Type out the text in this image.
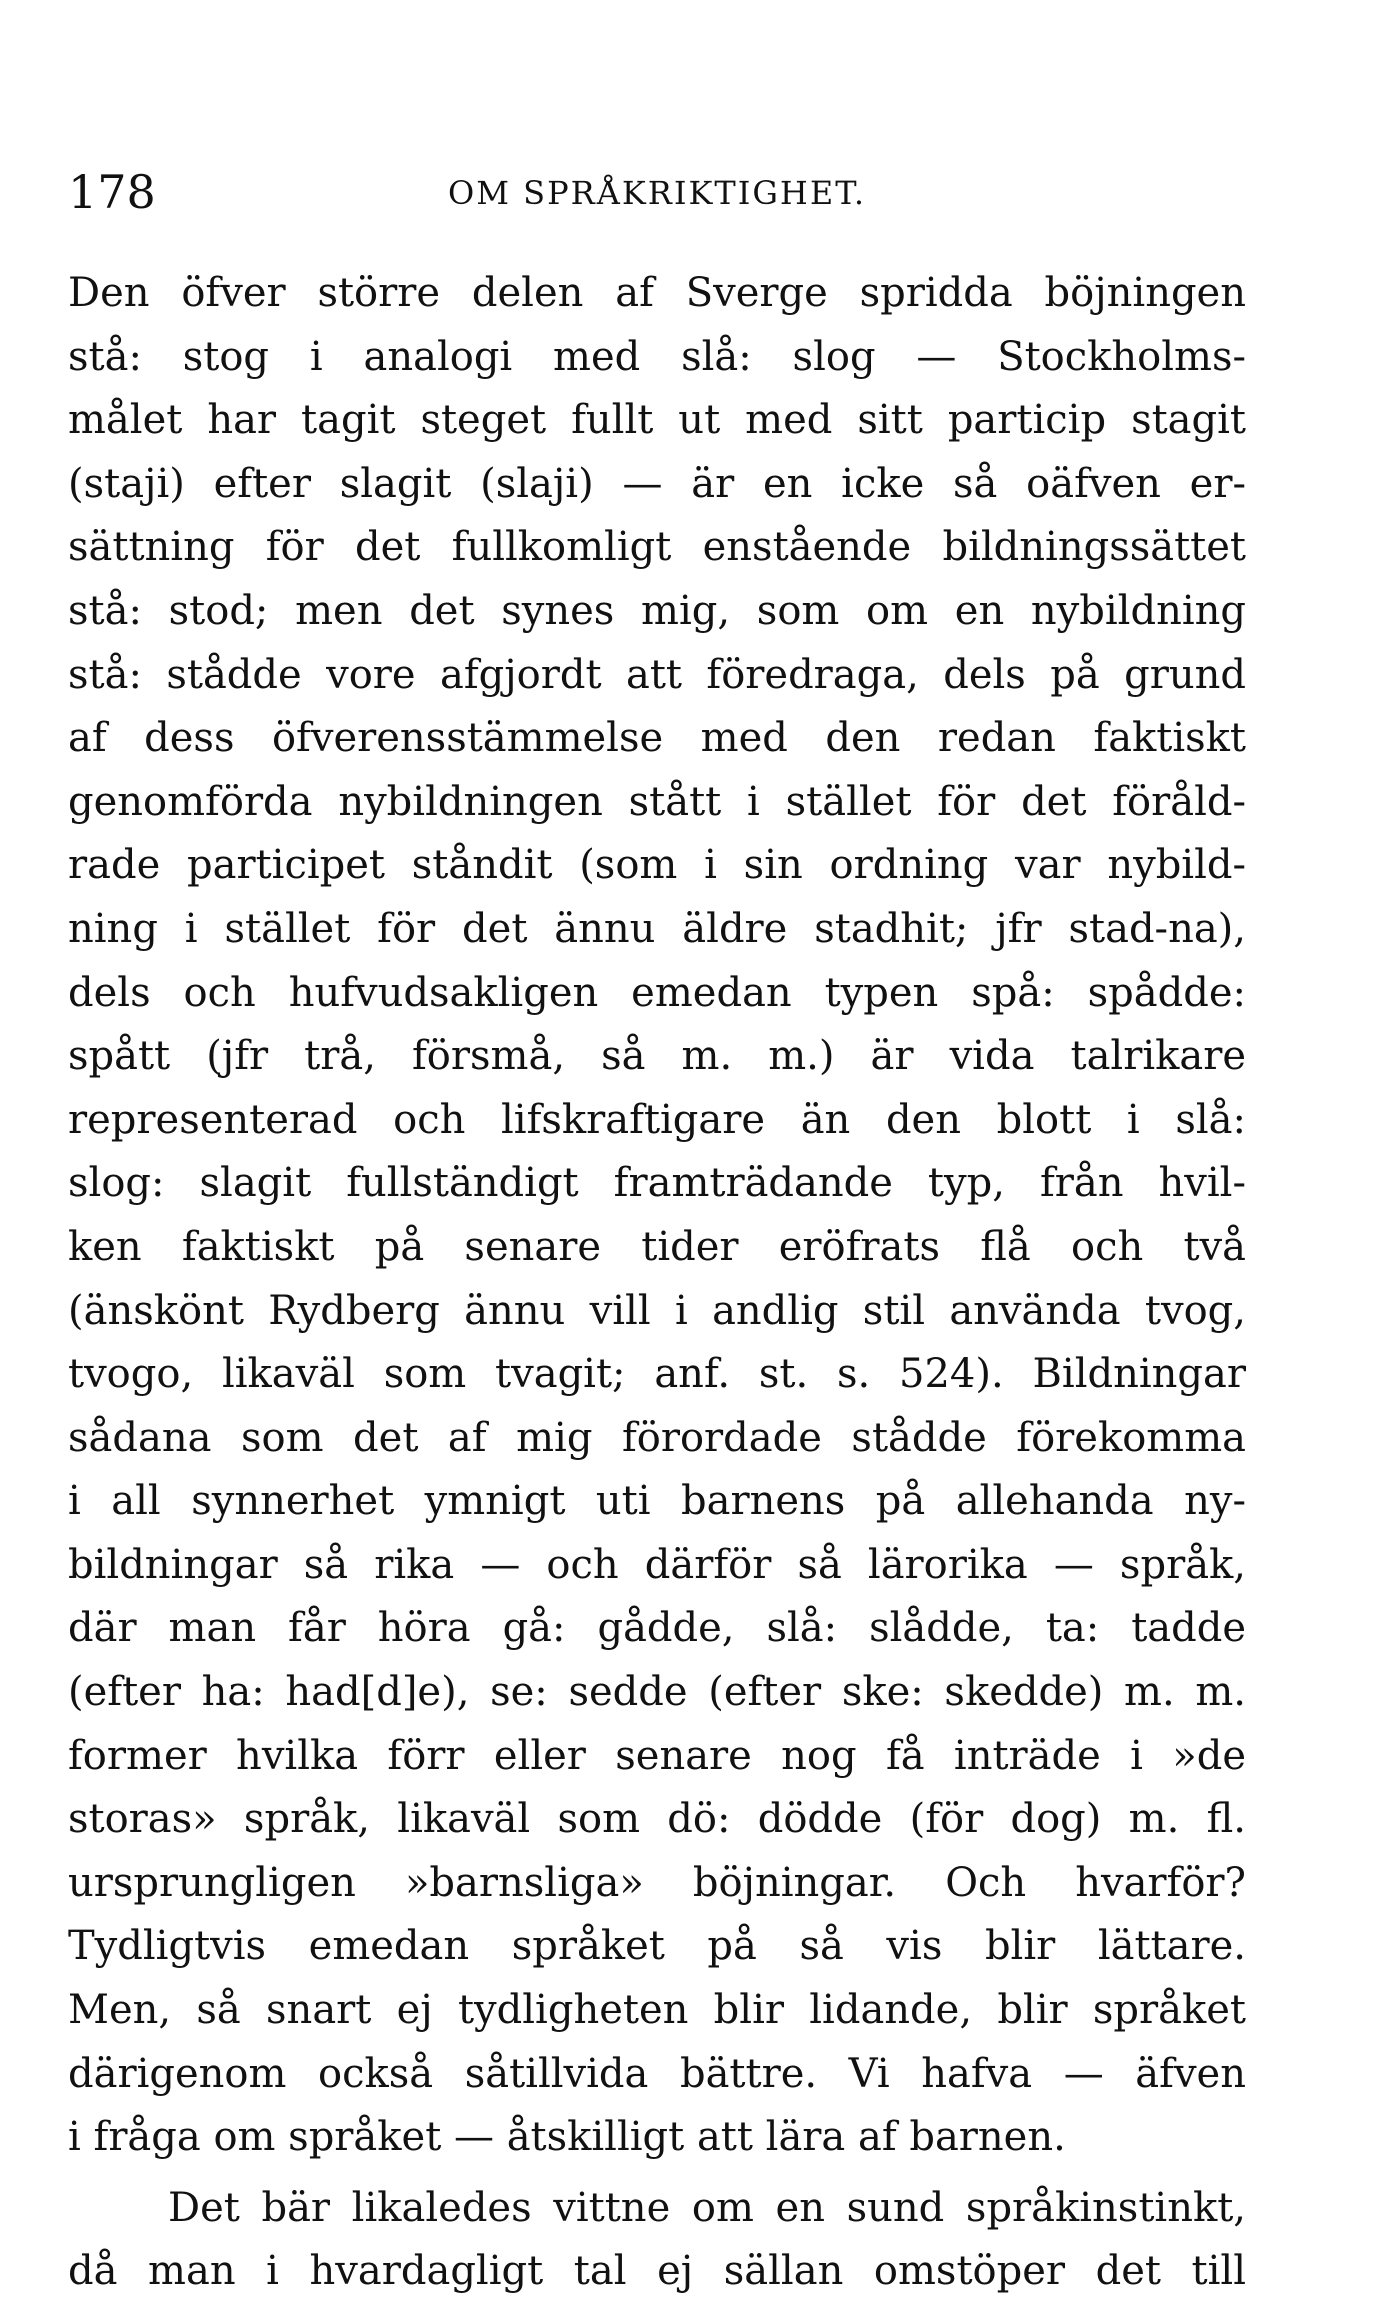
178	OM SPRÅKRIKTIGHET.
Den öfver större delen af Sverge spridda böjningen
stå: stog i analogi med slå: slog — Stockholms-
målet har tagit steget fullt ut med sitt particip stagit
(staji) efter slagit (slaji) — är en icke så oäfven er-
sättning för det fullkomligt enstående bildningssättet
stå: stod; men det synes mig, som om en nybildning
stå: stådde vore afgjordt att föredraga, dels på grund
af dess öfverensstämmelse med den redan faktiskt
genomförda nybildningen stått i stället för det föråld-
rade participet ståndit (som i sin ordning var nybild-
ning i stället för det ännu äldre stadhit; jfr stad-na),
dels och hufvudsakligen emedan typen spå: spådde:
spått (jfr trå, försmå, så m. m.) är vida talrikare
representerad och lifskraftigare än den blott i slå:
slog: slagit fullständigt framträdande typ, från hvil-
ken faktiskt på senare tider eröfrats flå och två
(änskönt Rydberg ännu vill i andlig stil använda tvog,
tvogo, likaväl som tvagit; anf. st. s. 524). Bildningar
sådana som det af mig förordade stådde förekomma
i all synnerhet ymnigt uti barnens på allehanda ny-
bildningar så rika — och därför så lärorika — språk,
där man får höra gå: gådde, slå: slådde, ta: tadde
(efter ha: had[d]e), se: sedde (efter ske: skedde) m. m.
former hvilka förr eller senare nog få inträde i »de
storas» språk, likaväl som dö: dödde (för dog) m. fl.
ursprungligen »barnsliga» böjningar. Och hvarför?
Tydligtvis emedan språket på så vis blir lättare.
Men, så snart ej tydligheten blir lidande, blir språket
därigenom också såtillvida bättre. Vi hafva — äfven
i fråga om språket — åtskilligt att lära af barnen.
Det bär likaledes vittne om en sund språkinstinkt,
då man i hvardagligt tal ej sällan omstöper det till
